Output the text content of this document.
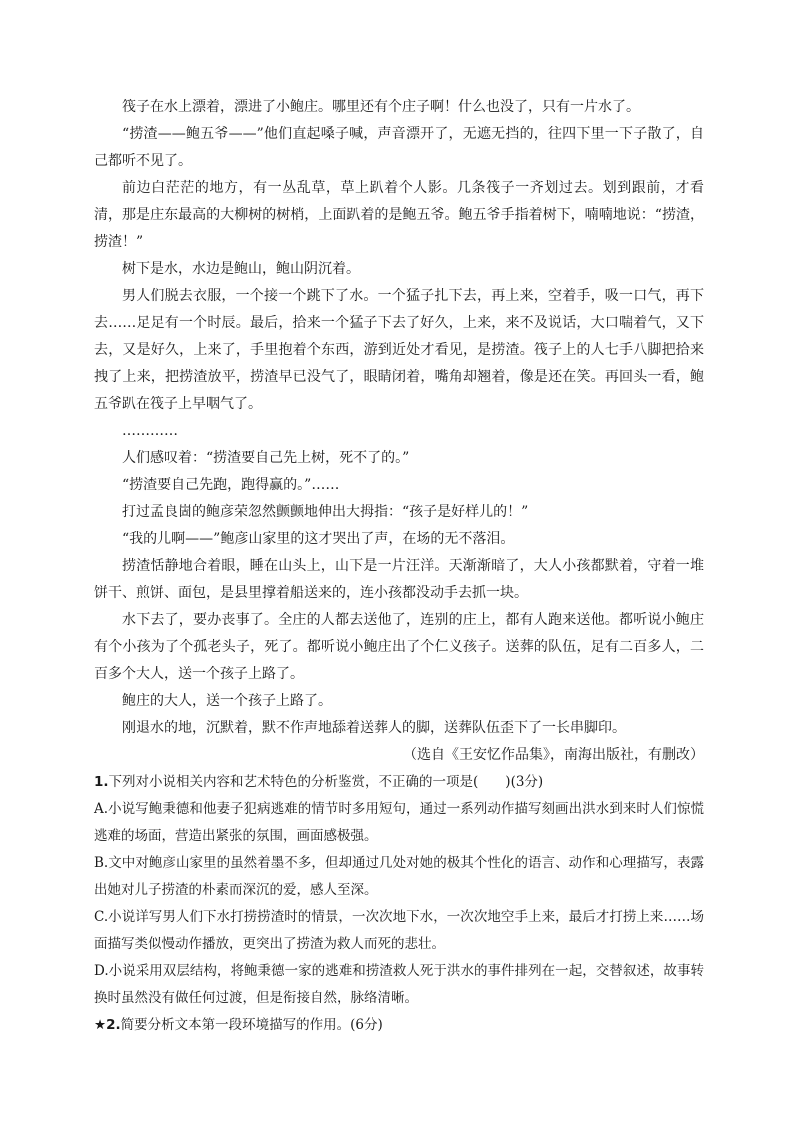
筏子在水上漂着，漂进了小鲍庄。哪里还有个庄子啊！什么也没了，只有一片水了。

“捞渣——鲍五爷——”他们直起嗓子喊，声音漂开了，无遮无挡的，往四下里一下子散了，自己都听不见了。

前边白茫茫的地方，有一丛乱草，草上趴着个人影。几条筏子一齐划过去。划到跟前，才看清，那是庄东最高的大柳树的树梢，上面趴着的是鲍五爷。鲍五爷手指着树下，喃喃地说：“捞渣，捞渣！”

树下是水，水边是鲍山，鲍山阴沉着。

男人们脱去衣服，一个接一个跳下了水。一个猛子扎下去，再上来，空着手，吸一口气，再下去……足足有一个时辰。最后，拾来一个猛子下去了好久，上来，来不及说话，大口喘着气，又下去，又是好久，上来了，手里抱着个东西，游到近处才看见，是捞渣。筏子上的人七手八脚把拾来拽了上来，把捞渣放平，捞渣早已没气了，眼睛闭着，嘴角却翘着，像是还在笑。再回头一看，鲍五爷趴在筏子上早咽气了。

…………

人们感叹着：“捞渣要自己先上树，死不了的。”

“捞渣要自己先跑，跑得赢的。”……

打过孟良崮的鲍彦荣忽然颤颤地伸出大拇指：“孩子是好样儿的！”

“我的儿啊——”鲍彦山家里的这才哭出了声，在场的无不落泪。

捞渣恬静地合着眼，睡在山头上，山下是一片汪洋。天渐渐暗了，大人小孩都默着，守着一堆饼干、煎饼、面包，是县里撑着船送来的，连小孩都没动手去抓一块。

水下去了，要办丧事了。全庄的人都去送他了，连别的庄上，都有人跑来送他。都听说小鲍庄有个小孩为了个孤老头子，死了。都听说小鲍庄出了个仁义孩子。送葬的队伍，足有二百多人，二百多个大人，送一个孩子上路了。

鲍庄的大人，送一个孩子上路了。

刚退水的地，沉默着，默不作声地舔着送葬人的脚，送葬队伍歪下了一长串脚印。

（选自《王安忆作品集》，南海出版社，有删改）

1.下列对小说相关内容和艺术特色的分析鉴赏，不正确的一项是(　　)(3分)

A.小说写鲍秉德和他妻子犯病逃难的情节时多用短句，通过一系列动作描写刻画出洪水到来时人们惊慌逃难的场面，营造出紧张的氛围，画面感极强。

B.文中对鲍彦山家里的虽然着墨不多，但却通过几处对她的极其个性化的语言、动作和心理描写，表露出她对儿子捞渣的朴素而深沉的爱，感人至深。

C.小说详写男人们下水打捞捞渣时的情景，一次次地下水，一次次地空手上来，最后才打捞上来……场面描写类似慢动作播放，更突出了捞渣为救人而死的悲壮。

D.小说采用双层结构，将鲍秉德一家的逃难和捞渣救人死于洪水的事件排列在一起，交替叙述，故事转换时虽然没有做任何过渡，但是衔接自然，脉络清晰。

★2.简要分析文本第一段环境描写的作用。(6分)
